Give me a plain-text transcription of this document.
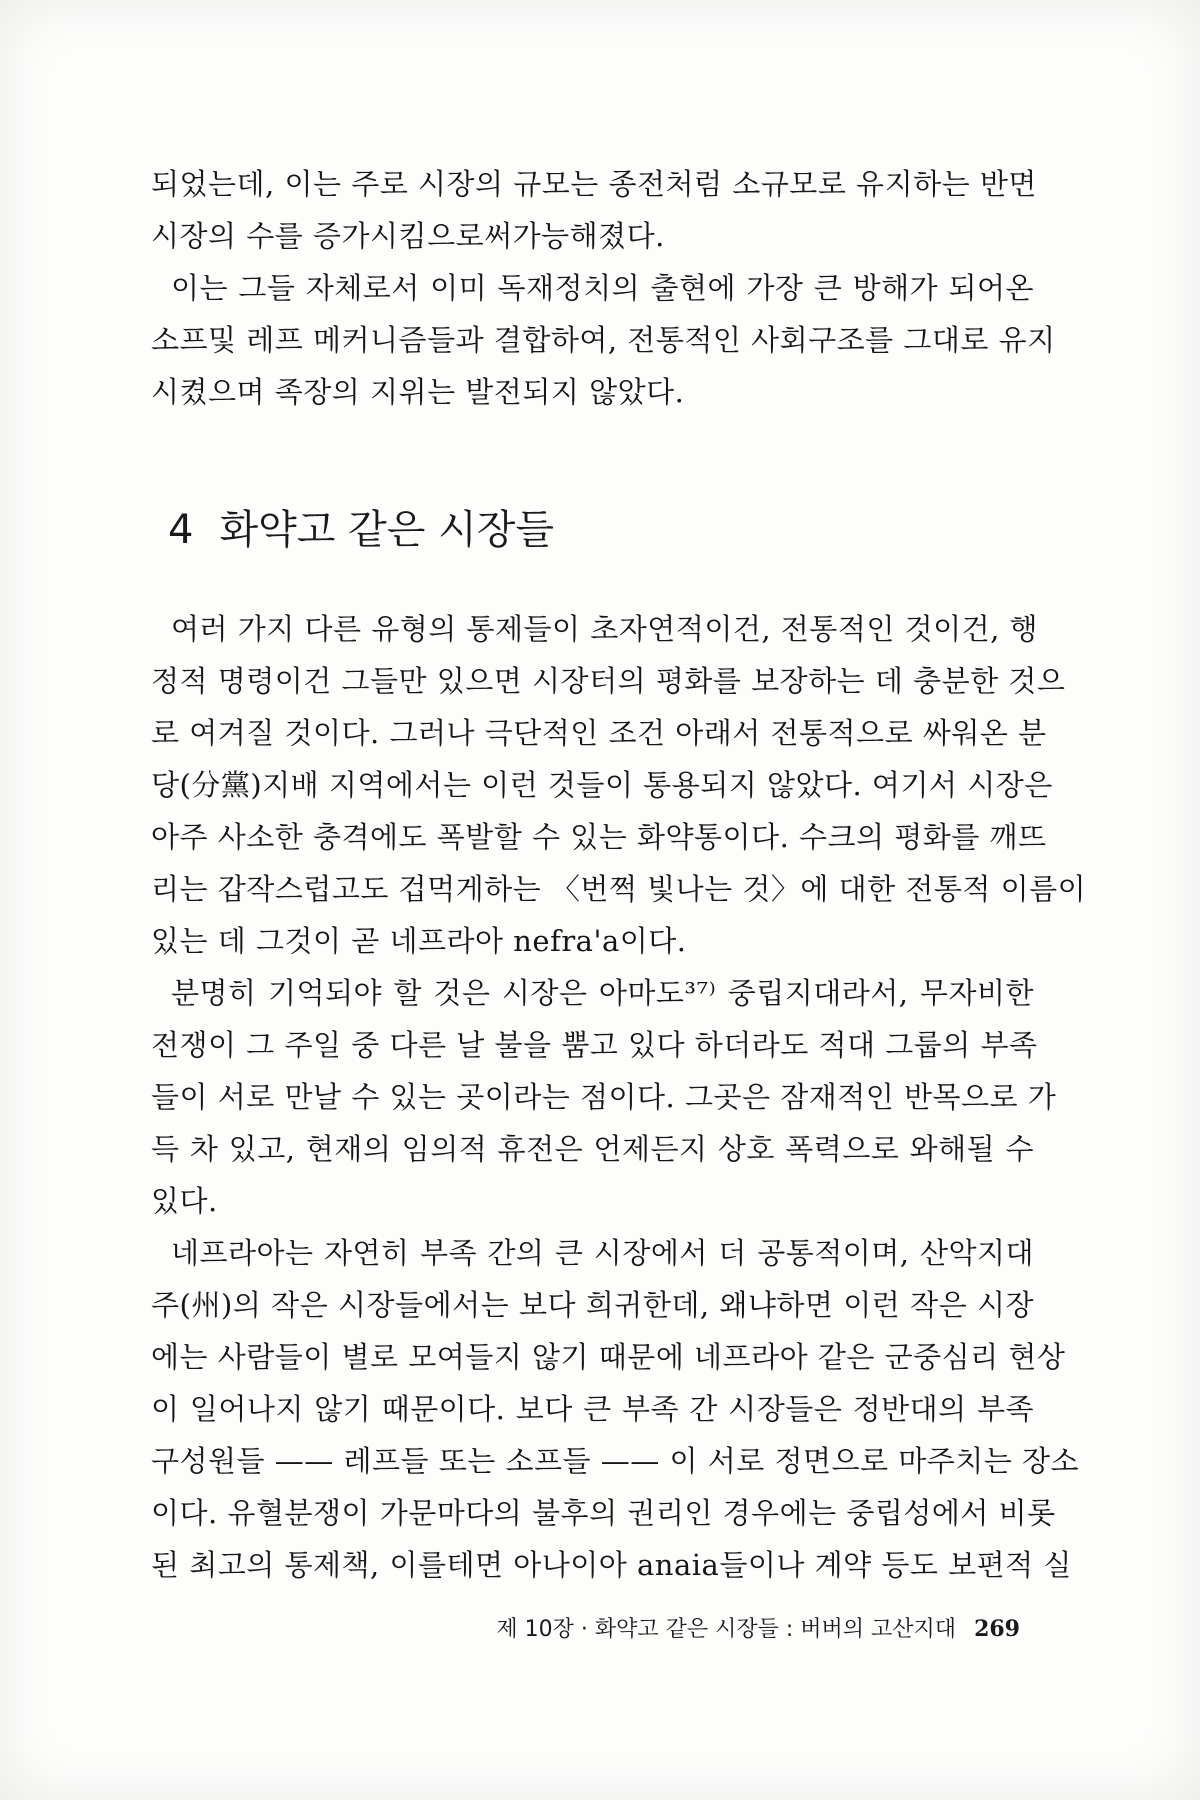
되었는데, 이는 주로 시장의 규모는 종전처럼 소규모로 유지하는 반면
시장의 수를 증가시킴으로써가능해졌다.
이는 그들 자체로서 이미 독재정치의 출현에 가장 큰 방해가 되어온
소프및 레프 메커니즘들과 결합하여, 전통적인 사회구조를 그대로 유지
시켰으며 족장의 지위는 발전되지 않았다.
4 화약고 같은 시장들
여러 가지 다른 유형의 통제들이 초자연적이건, 전통적인 것이건, 행
정적 명령이건 그들만 있으면 시장터의 평화를 보장하는 데 충분한 것으
로 여겨질 것이다. 그러나 극단적인 조건 아래서 전통적으로 싸워온 분
당(分黨)지배 지역에서는 이런 것들이 통용되지 않았다. 여기서 시장은
아주 사소한 충격에도 폭발할 수 있는 화약통이다. 수크의 평화를 깨뜨
리는 갑작스럽고도 겁먹게하는 〈번쩍 빛나는 것〉에 대한 전통적 이름이
있는 데 그것이 곧 네프라아 nefra'a이다.
분명히 기억되야 할 것은 시장은 아마도³⁷⁾ 중립지대라서, 무자비한
전쟁이 그 주일 중 다른 날 불을 뿜고 있다 하더라도 적대 그룹의 부족
들이 서로 만날 수 있는 곳이라는 점이다. 그곳은 잠재적인 반목으로 가
득 차 있고, 현재의 임의적 휴전은 언제든지 상호 폭력으로 와해될 수
있다.
네프라아는 자연히 부족 간의 큰 시장에서 더 공통적이며, 산악지대
주(州)의 작은 시장들에서는 보다 희귀한데, 왜냐하면 이런 작은 시장
에는 사람들이 별로 모여들지 않기 때문에 네프라아 같은 군중심리 현상
이 일어나지 않기 때문이다. 보다 큰 부족 간 시장들은 정반대의 부족
구성원들 —— 레프들 또는 소프들 —— 이 서로 정면으로 마주치는 장소
이다. 유혈분쟁이 가문마다의 불후의 권리인 경우에는 중립성에서 비롯
된 최고의 통제책, 이를테면 아나이아 anaia들이나 계약 등도 보편적 실
제 10장 · 화약고 같은 시장들 : 버버의 고산지대 269
